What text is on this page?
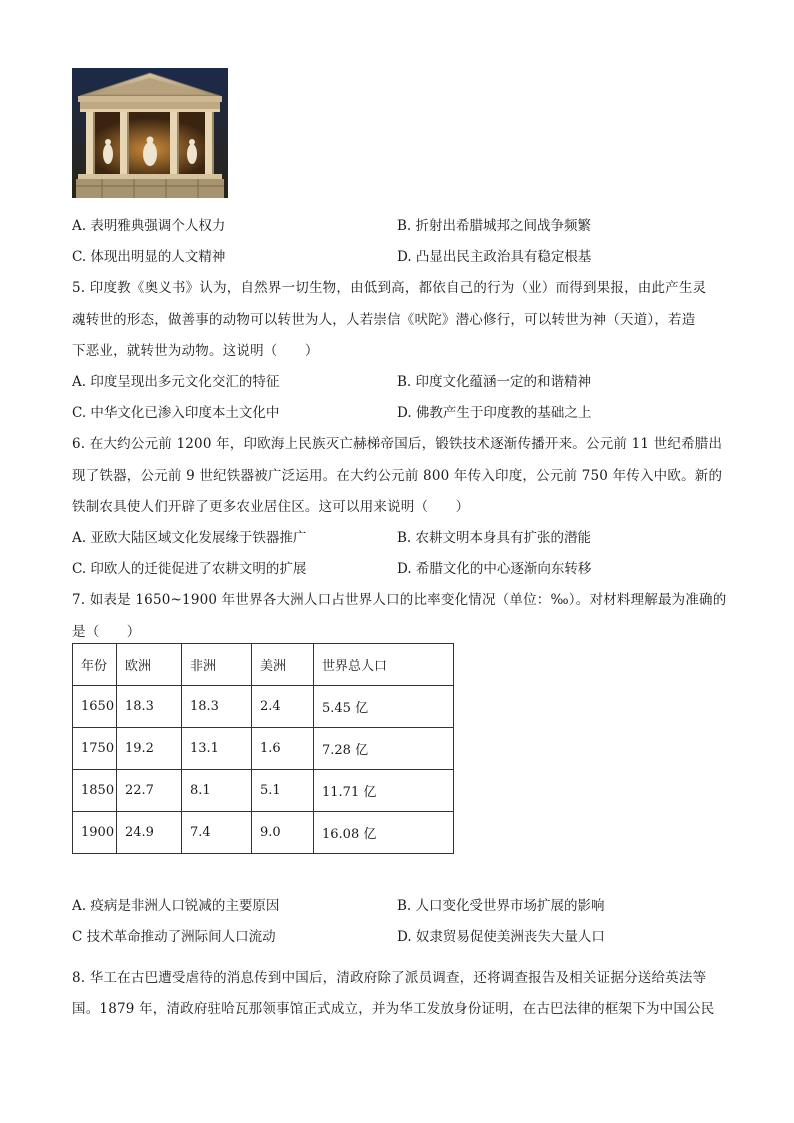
A. 表明雅典强调个人权力	B. 折射出希腊城邦之间战争频繁
C. 体现出明显的人文精神	D. 凸显出民主政治具有稳定根基
5. 印度教《奥义书》认为，自然界一切生物，由低到高，都依自己的行为（业）而得到果报，由此产生灵
魂转世的形态，做善事的动物可以转世为人，人若崇信《吠陀》潜心修行，可以转世为神（天道），若造
下恶业，就转世为动物。这说明（　　）
A. 印度呈现出多元文化交汇的特征	B. 印度文化蕴涵一定的和谐精神
C. 中华文化已渗入印度本土文化中	D. 佛教产生于印度教的基础之上
6. 在大约公元前 1200 年，印欧海上民族灭亡赫梯帝国后，锻铁技术逐渐传播开来。公元前 11 世纪希腊出
现了铁器，公元前 9 世纪铁器被广泛运用。在大约公元前 800 年传入印度，公元前 750 年传入中欧。新的
铁制农具使人们开辟了更多农业居住区。这可以用来说明（　　）
A. 亚欧大陆区域文化发展缘于铁器推广	B. 农耕文明本身具有扩张的潜能
C. 印欧人的迁徙促进了农耕文明的扩展	D. 希腊文化的中心逐渐向东转移
7. 如表是 1650~1900 年世界各大洲人口占世界人口的比率变化情况（单位：‰）。对材料理解最为准确的
是（　　）
年份	欧洲	非洲	美洲	世界总人口
1650	18.3	18.3	2.4	5.45 亿
1750	19.2	13.1	1.6	7.28 亿
1850	22.7	8.1	5.1	11.71 亿
1900	24.9	7.4	9.0	16.08 亿
A. 疫病是非洲人口锐减的主要原因	B. 人口变化受世界市场扩展的影响
C 技术革命推动了洲际间人口流动	D. 奴隶贸易促使美洲丧失大量人口
8. 华工在古巴遭受虐待的消息传到中国后，清政府除了派员调查，还将调查报告及相关证据分送给英法等
国。1879 年，清政府驻哈瓦那领事馆正式成立，并为华工发放身份证明，在古巴法律的框架下为中国公民
